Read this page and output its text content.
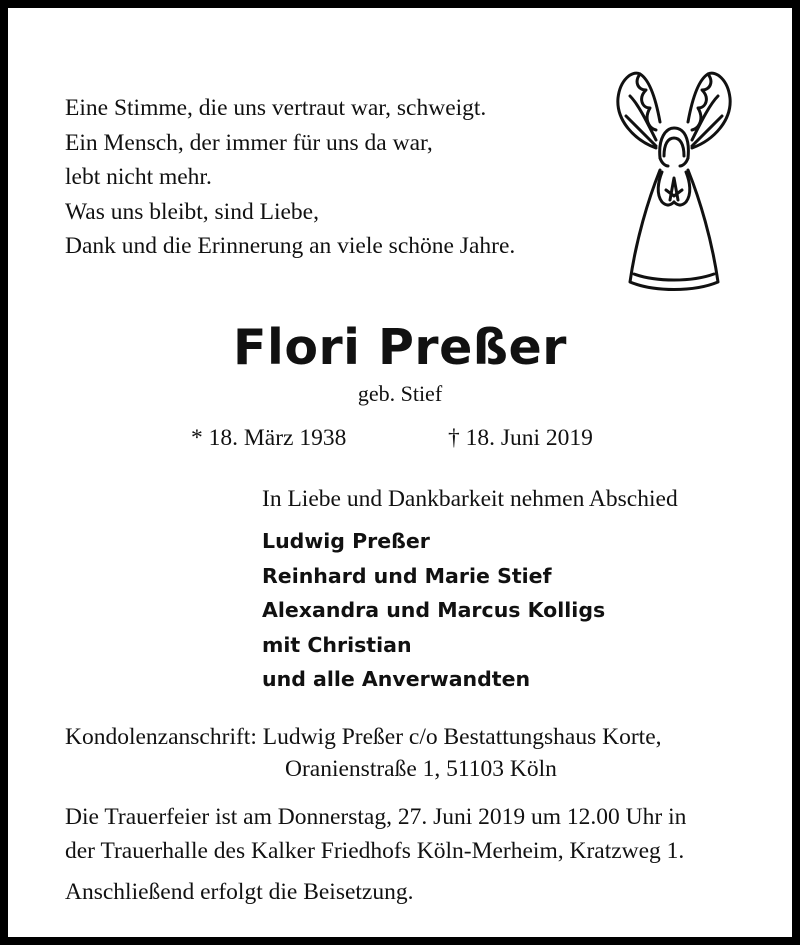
Eine Stimme, die uns vertraut war, schweigt.
Ein Mensch, der immer für uns da war,
lebt nicht mehr.
Was uns bleibt, sind Liebe,
Dank und die Erinnerung an viele schöne Jahre.
Flori Preßer
geb. Stief
* 18. März 1938	† 18. Juni 2019
In Liebe und Dankbarkeit nehmen Abschied
Ludwig Preßer
Reinhard und Marie Stief
Alexandra und Marcus Kolligs
mit Christian
und alle Anverwandten
Kondolenzanschrift: Ludwig Preßer c/o Bestattungshaus Korte,
Oranienstraße 1, 51103 Köln
Die Trauerfeier ist am Donnerstag, 27. Juni 2019 um 12.00 Uhr in
der Trauerhalle des Kalker Friedhofs Köln-Merheim, Kratzweg 1.
Anschließend erfolgt die Beisetzung.
